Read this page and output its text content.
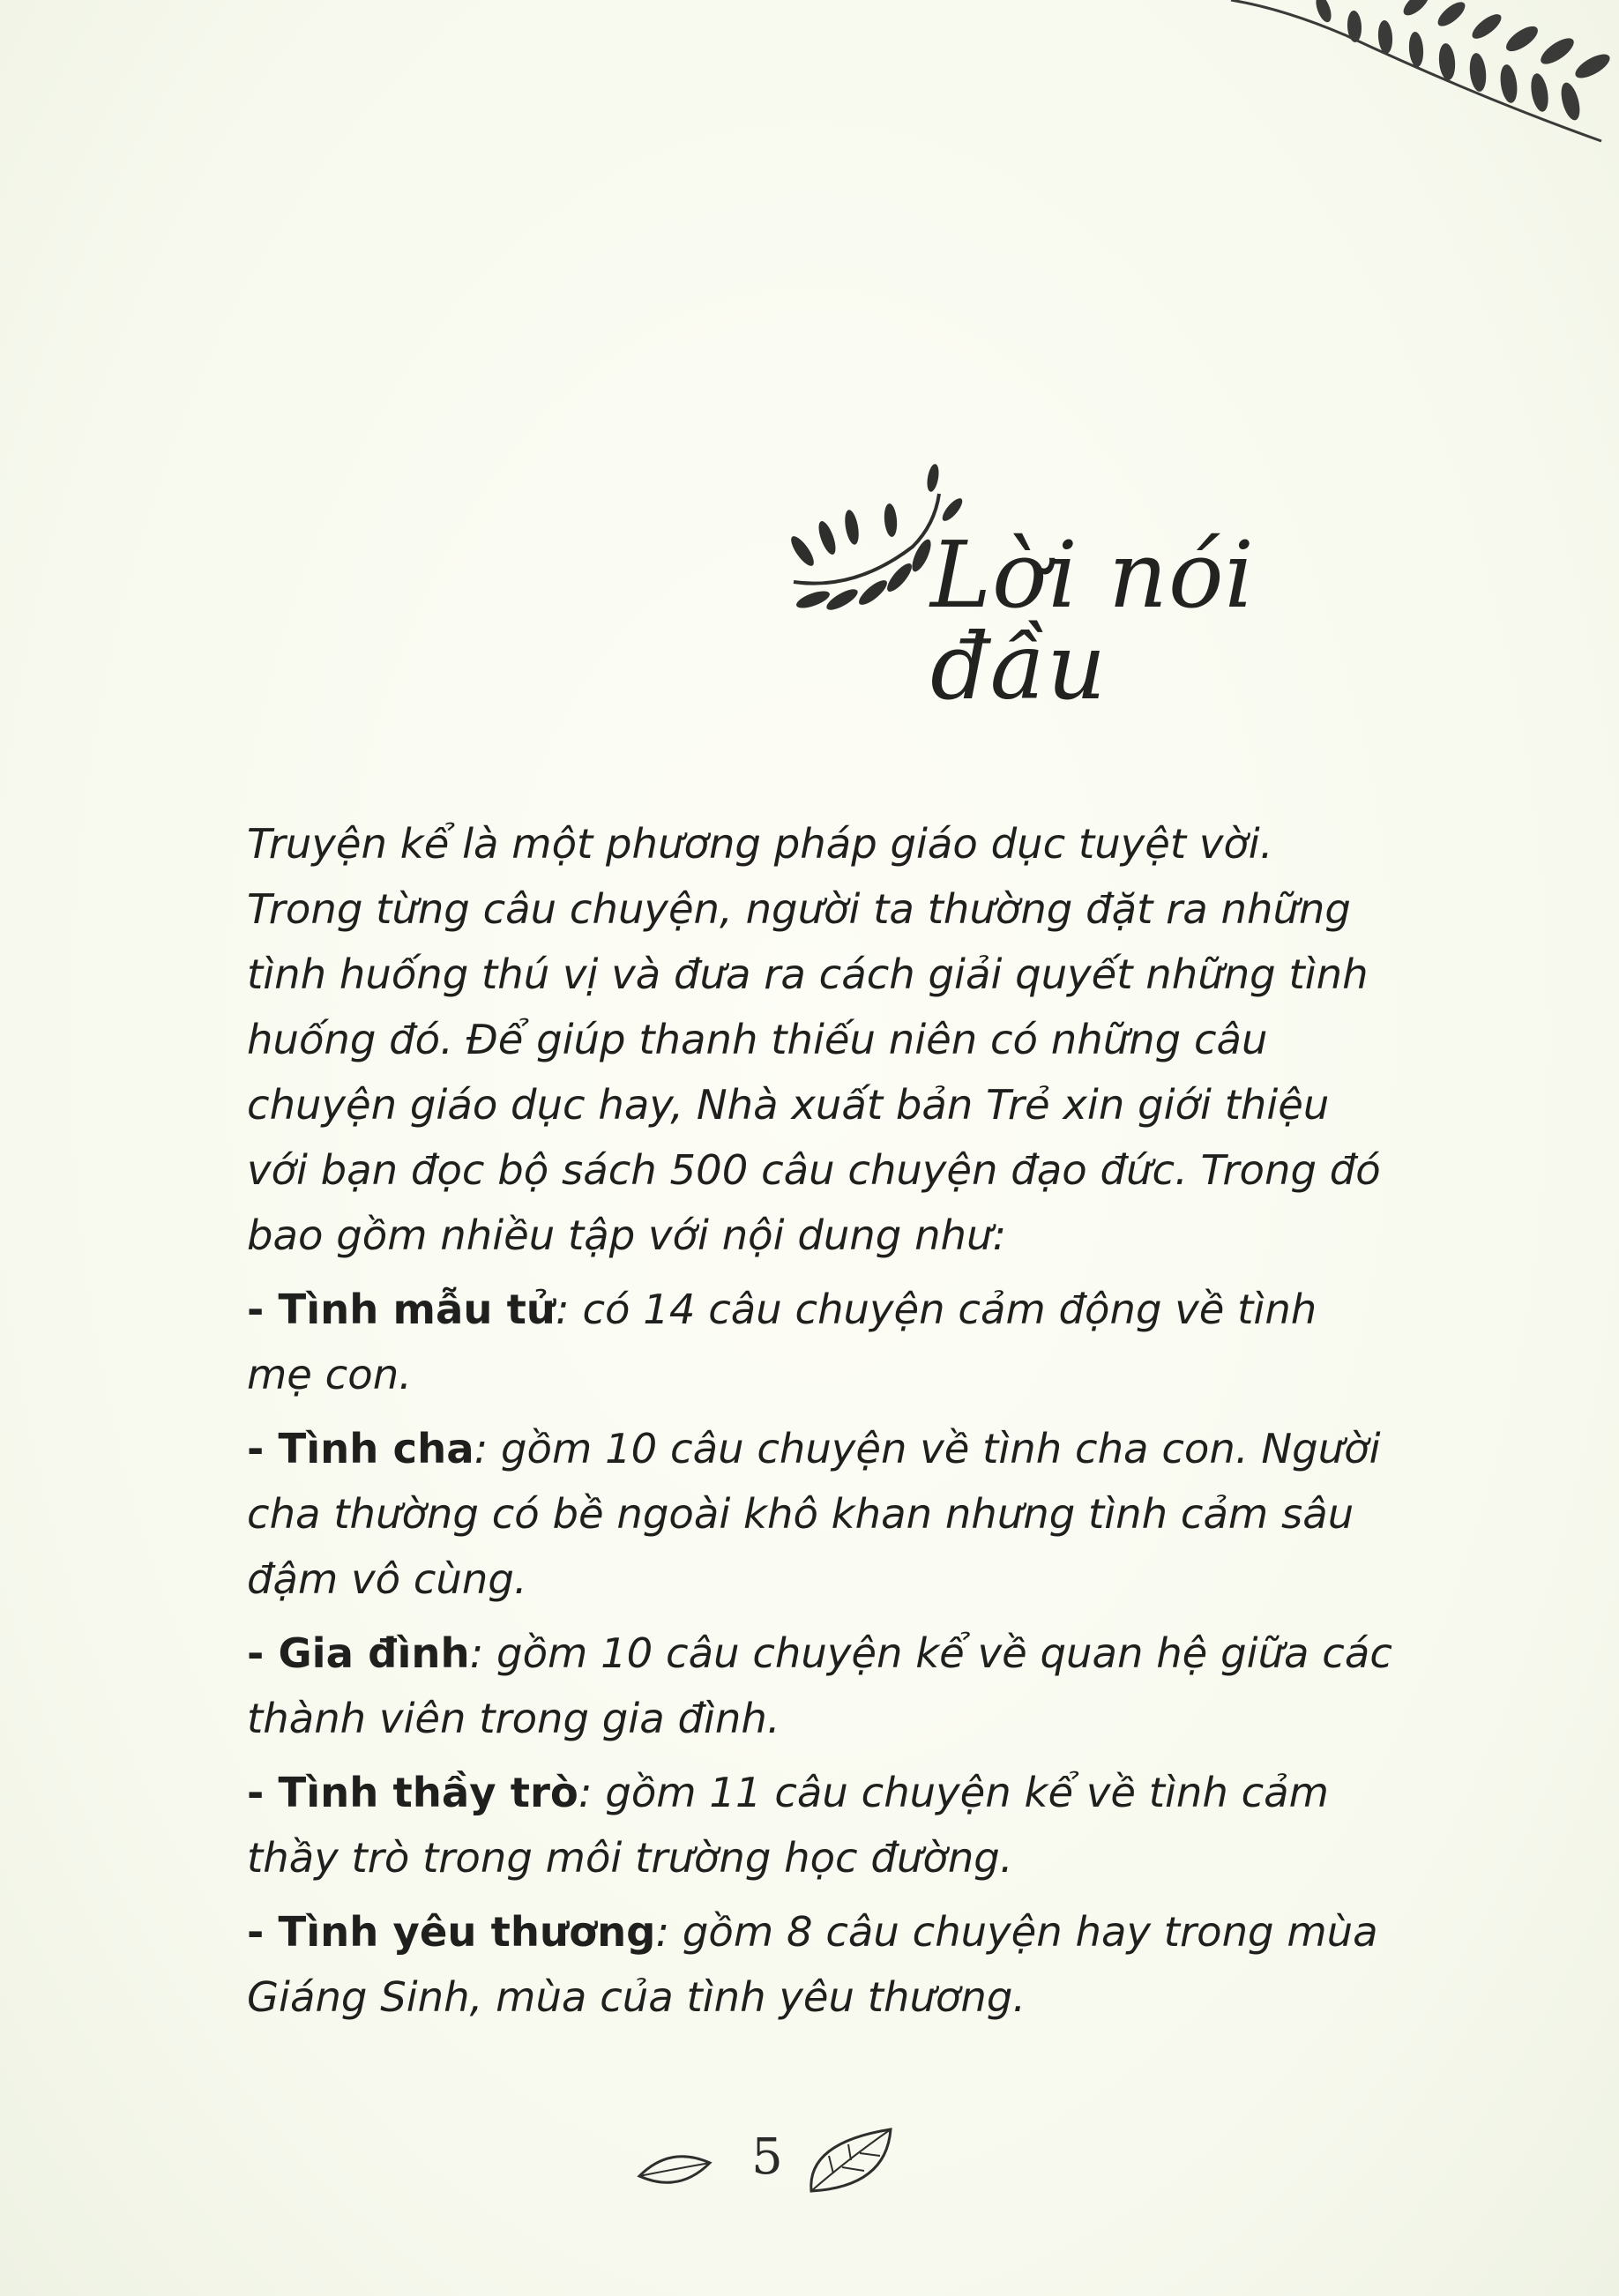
Lời nói đầu

Truyện kể là một phương pháp giáo dục tuyệt vời. Trong từng câu chuyện, người ta thường đặt ra những tình huống thú vị và đưa ra cách giải quyết những tình huống đó. Để giúp thanh thiếu niên có những câu chuyện giáo dục hay, Nhà xuất bản Trẻ xin giới thiệu với bạn đọc bộ sách 500 câu chuyện đạo đức. Trong đó bao gồm nhiều tập với nội dung như:

- Tình mẫu tử: có 14 câu chuyện cảm động về tình mẹ con.

- Tình cha: gồm 10 câu chuyện về tình cha con. Người cha thường có bề ngoài khô khan nhưng tình cảm sâu đậm vô cùng.

- Gia đình: gồm 10 câu chuyện kể về quan hệ giữa các thành viên trong gia đình.

- Tình thầy trò: gồm 11 câu chuyện kể về tình cảm thầy trò trong môi trường học đường.

- Tình yêu thương: gồm 8 câu chuyện hay trong mùa Giáng Sinh, mùa của tình yêu thương.

5
